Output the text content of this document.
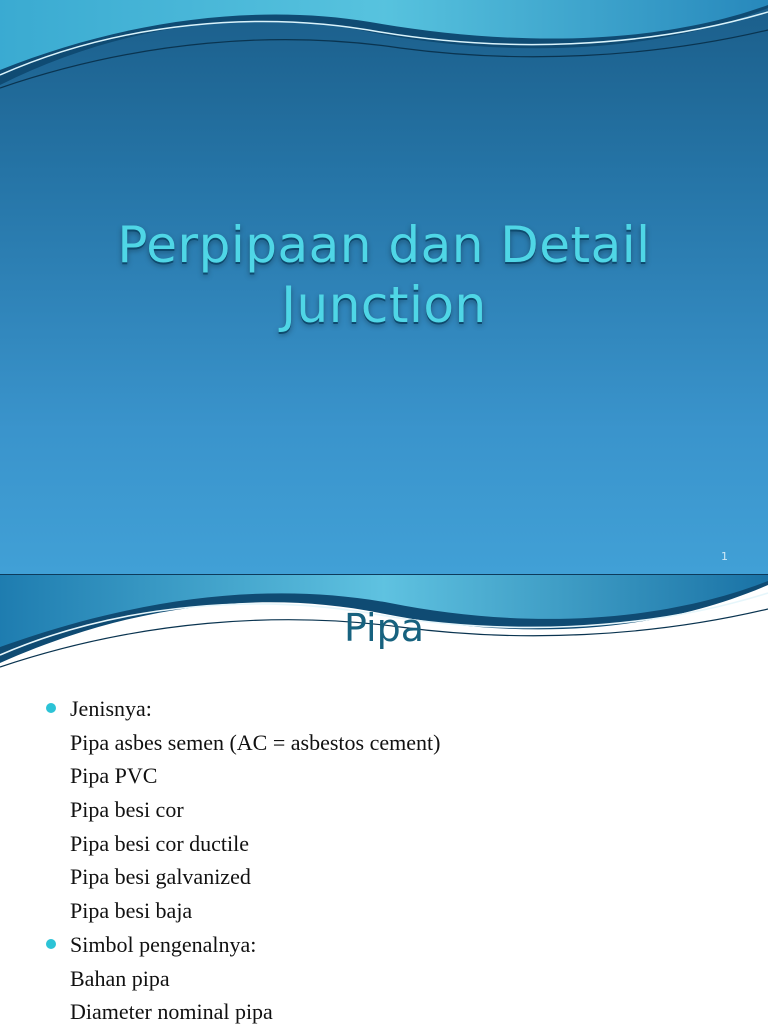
Perpipaan dan Detail
Junction
1
Pipa
Jenisnya:
Pipa asbes semen (AC = asbestos cement)
Pipa PVC
Pipa besi cor
Pipa besi cor ductile
Pipa besi galvanized
Pipa besi baja
Simbol pengenalnya:
Bahan pipa
Diameter nominal pipa
